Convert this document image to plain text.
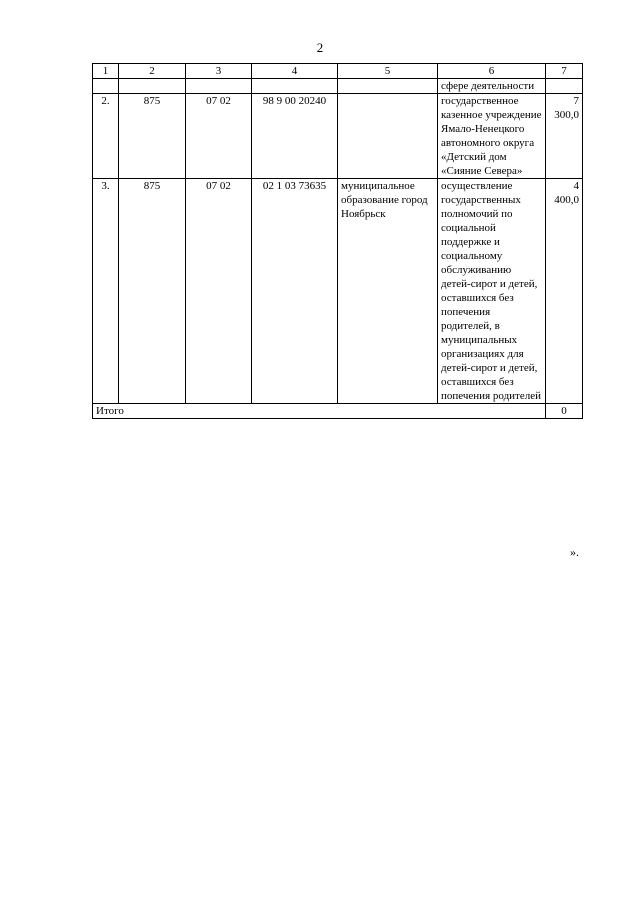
2
1	2	3	4	5	6	7
					сфере деятельности	
2.	875	07 02	98 9 00 20240		государственное казенное учреждение Ямало-Ненецкого автономного округа «Детский дом «Сияние Севера»	7 300,0
3.	875	07 02	02 1 03 73635	муниципальное образование город Ноябрьск	осуществление государственных полномочий по социальной поддержке и социальному обслуживанию детей-сирот и детей, оставшихся без попечения родителей, в муниципальных организациях для детей-сирот и детей, оставшихся без попечения родителей	4 400,0
Итого						0
».
